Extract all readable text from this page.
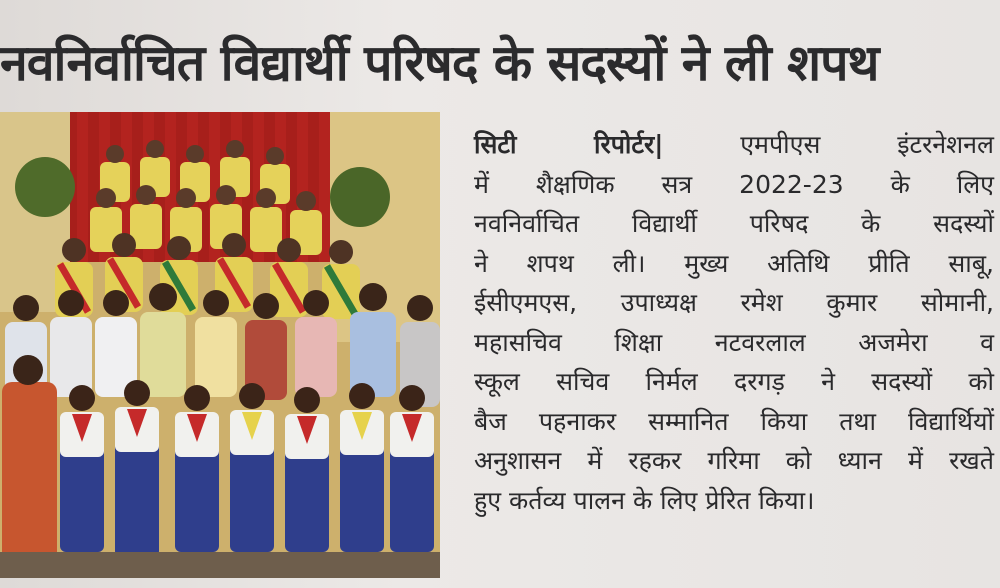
नवनिर्वाचित विद्यार्थी परिषद के सदस्यों ने ली शपथ
सिटी रिपोर्टर| एमपीएस इंटरनेशनल
में शैक्षणिक सत्र 2022-23 के लिए
नवनिर्वाचित विद्यार्थी परिषद के सदस्यों
ने शपथ ली। मुख्य अतिथि प्रीति साबू,
ईसीएमएस, उपाध्यक्ष रमेश कुमार सोमानी,
महासचिव शिक्षा नटवरलाल अजमेरा व
स्कूल सचिव निर्मल दरगड़ ने सदस्यों को
बैज पहनाकर सम्मानित किया तथा विद्यार्थियों
अनुशासन में रहकर गरिमा को ध्यान में रखते
हुए कर्तव्य पालन के लिए प्रेरित किया।
